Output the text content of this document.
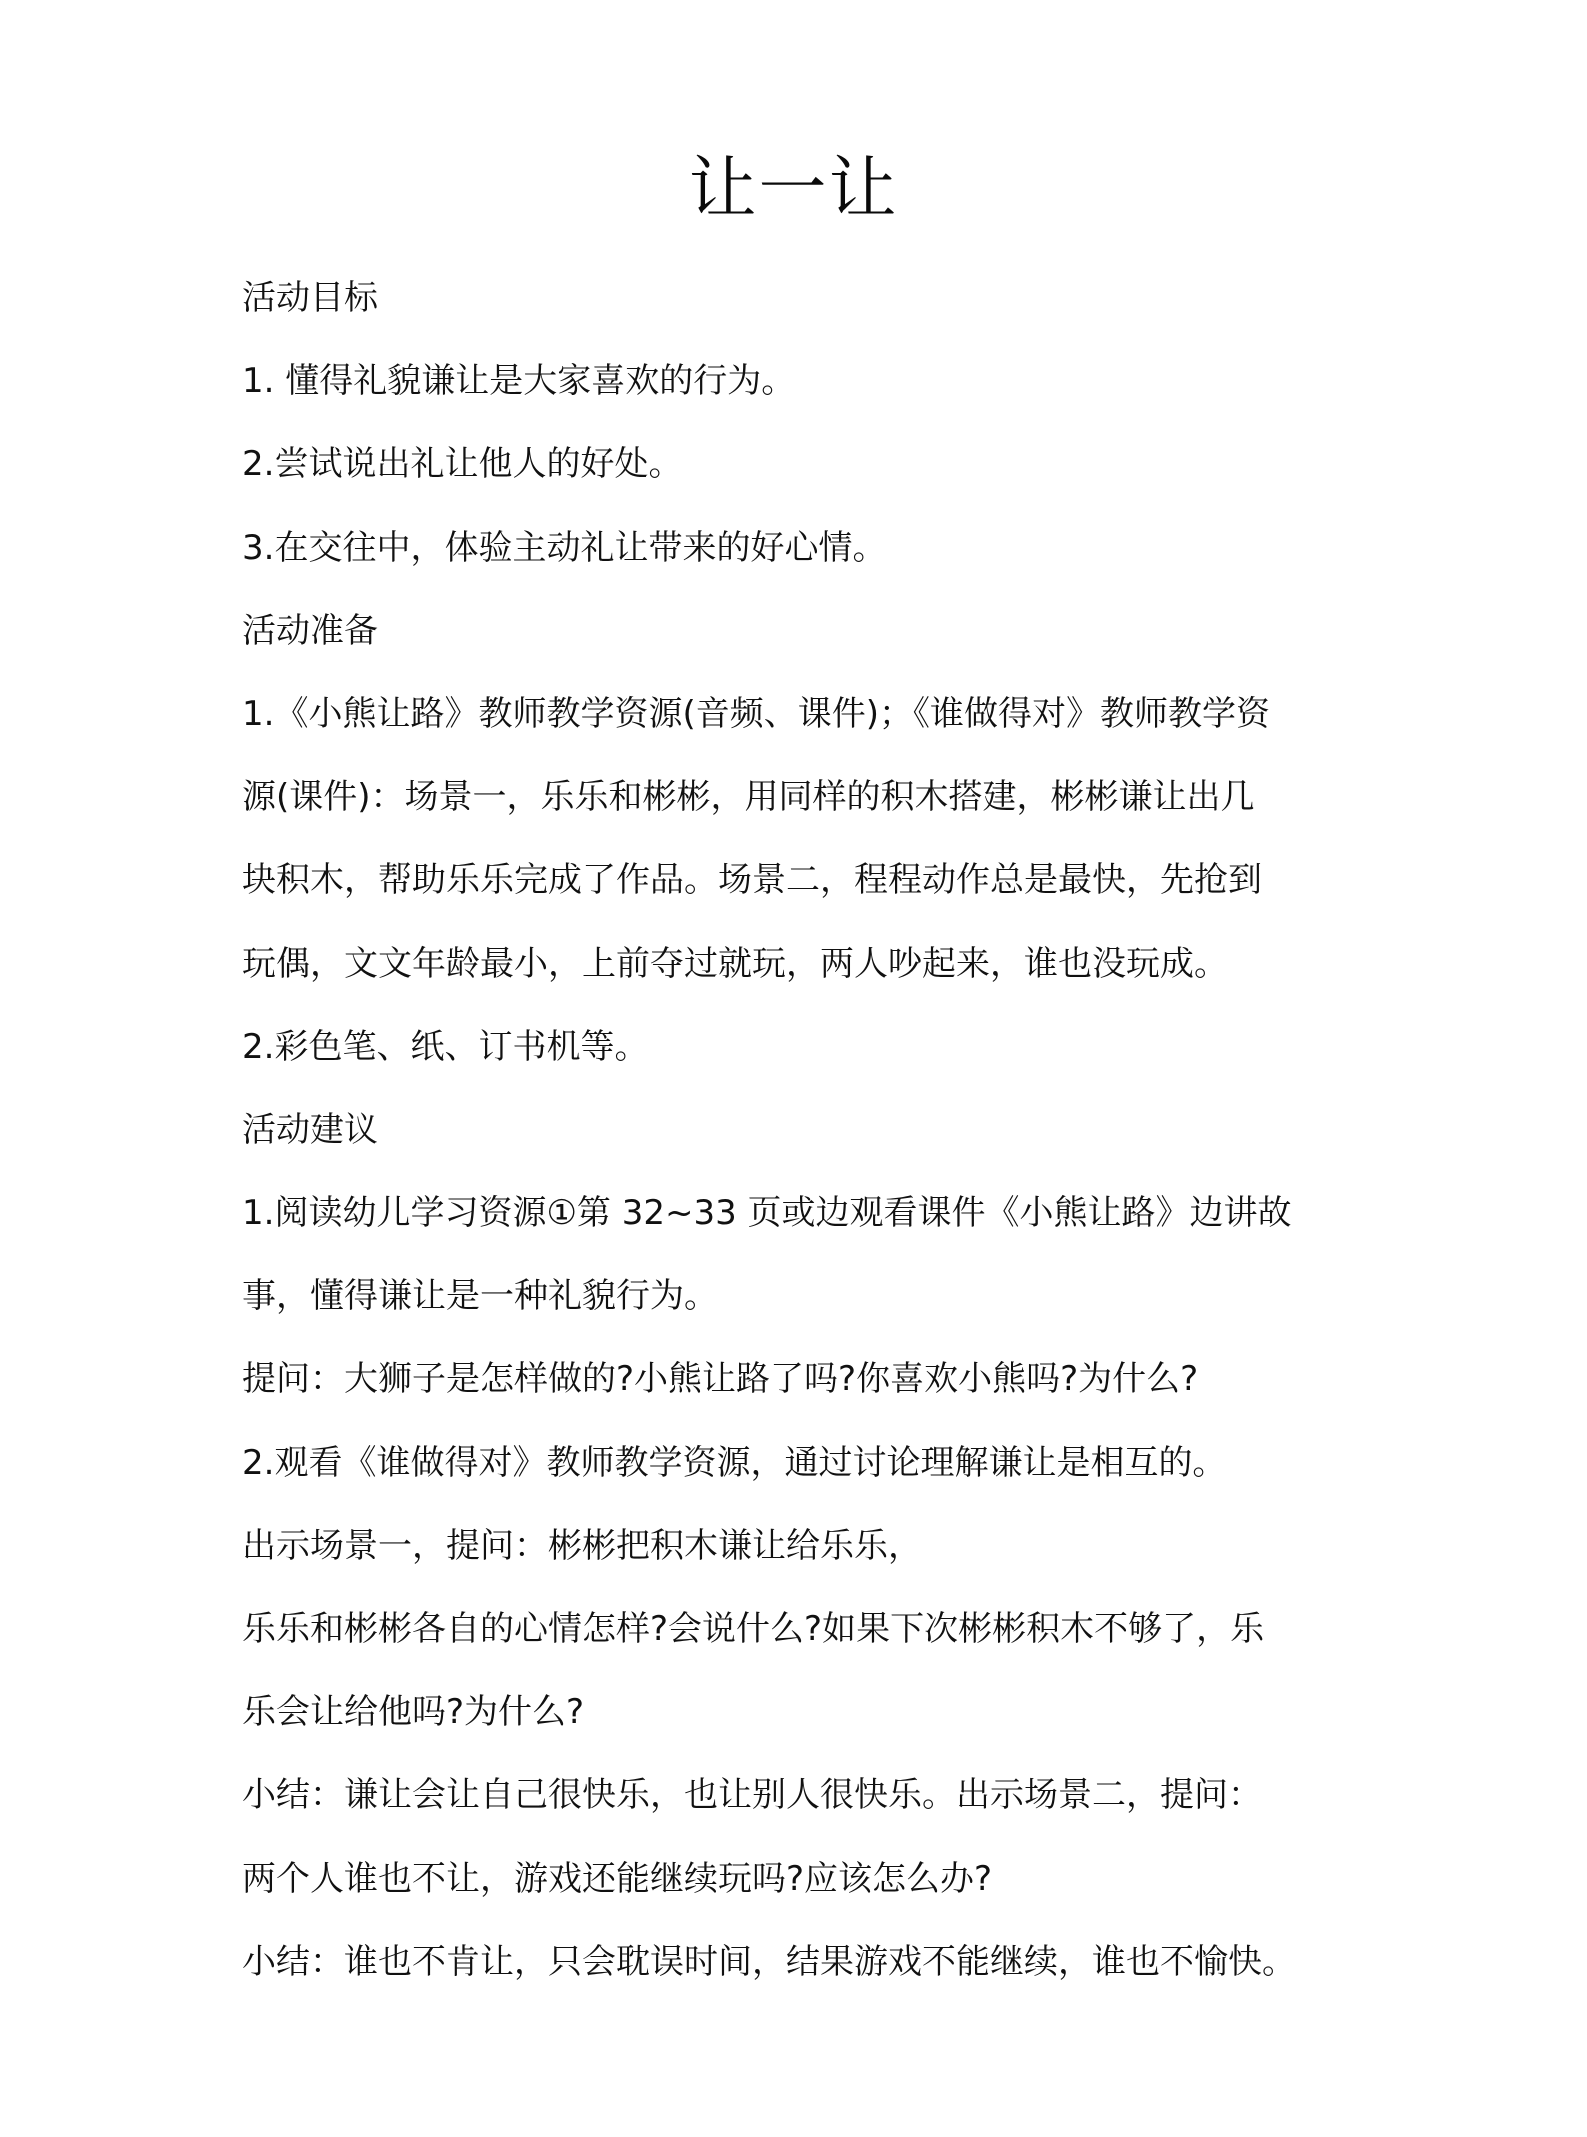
让一让
活动目标
1. 懂得礼貌谦让是大家喜欢的行为。
2.尝试说出礼让他人的好处。
3.在交往中，体验主动礼让带来的好心情。
活动准备
1.《小熊让路》教师教学资源(音频、课件)；《谁做得对》教师教学资
源(课件)：场景一，乐乐和彬彬，用同样的积木搭建，彬彬谦让出几
块积木，帮助乐乐完成了作品。场景二，程程动作总是最快，先抢到
玩偶，文文年龄最小，上前夺过就玩，两人吵起来，谁也没玩成。
2.彩色笔、纸、订书机等。
活动建议
1.阅读幼儿学习资源①第 32~33 页或边观看课件《小熊让路》边讲故
事，懂得谦让是一种礼貌行为。
提问：大狮子是怎样做的?小熊让路了吗?你喜欢小熊吗?为什么?
2.观看《谁做得对》教师教学资源，通过讨论理解谦让是相互的。
出示场景一，提问：彬彬把积木谦让给乐乐，
乐乐和彬彬各自的心情怎样?会说什么?如果下次彬彬积木不够了，乐
乐会让给他吗?为什么?
小结：谦让会让自己很快乐，也让别人很快乐。出示场景二，提问：
两个人谁也不让，游戏还能继续玩吗?应该怎么办?
小结：谁也不肯让，只会耽误时间，结果游戏不能继续，谁也不愉快。
